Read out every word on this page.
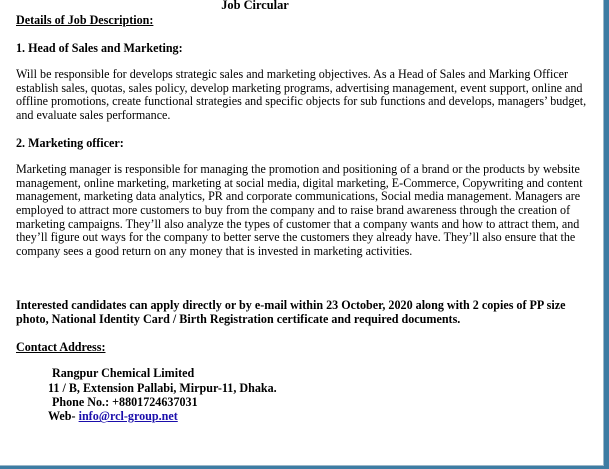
Job Circular

Details of Job Description:

1. Head of Sales and Marketing:

Will be responsible for develops strategic sales and marketing objectives. As a Head of Sales and Marking Officer establish sales, quotas, sales policy, develop marketing programs, advertising management, event support, online and offline promotions, create functional strategies and specific objects for sub functions and develops, managers’ budget, and evaluate sales performance.

2. Marketing officer:

Marketing manager is responsible for managing the promotion and positioning of a brand or the products by website management, online marketing, marketing at social media, digital marketing, E-Commerce, Copywriting and content management, marketing data analytics, PR and corporate communications, Social media management. Managers are employed to attract more customers to buy from the company and to raise brand awareness through the creation of marketing campaigns. They’ll also analyze the types of customer that a company wants and how to attract them, and they’ll figure out ways for the company to better serve the customers they already have. They’ll also ensure that the company sees a good return on any money that is invested in marketing activities.

Interested candidates can apply directly or by e-mail within 23 October, 2020 along with 2 copies of PP size photo, National Identity Card / Birth Registration certificate and required documents.

Contact Address:

Rangpur Chemical Limited
11 / B, Extension Pallabi, Mirpur-11, Dhaka.
Phone No.: +8801724637031
Web- info@rcl-group.net
